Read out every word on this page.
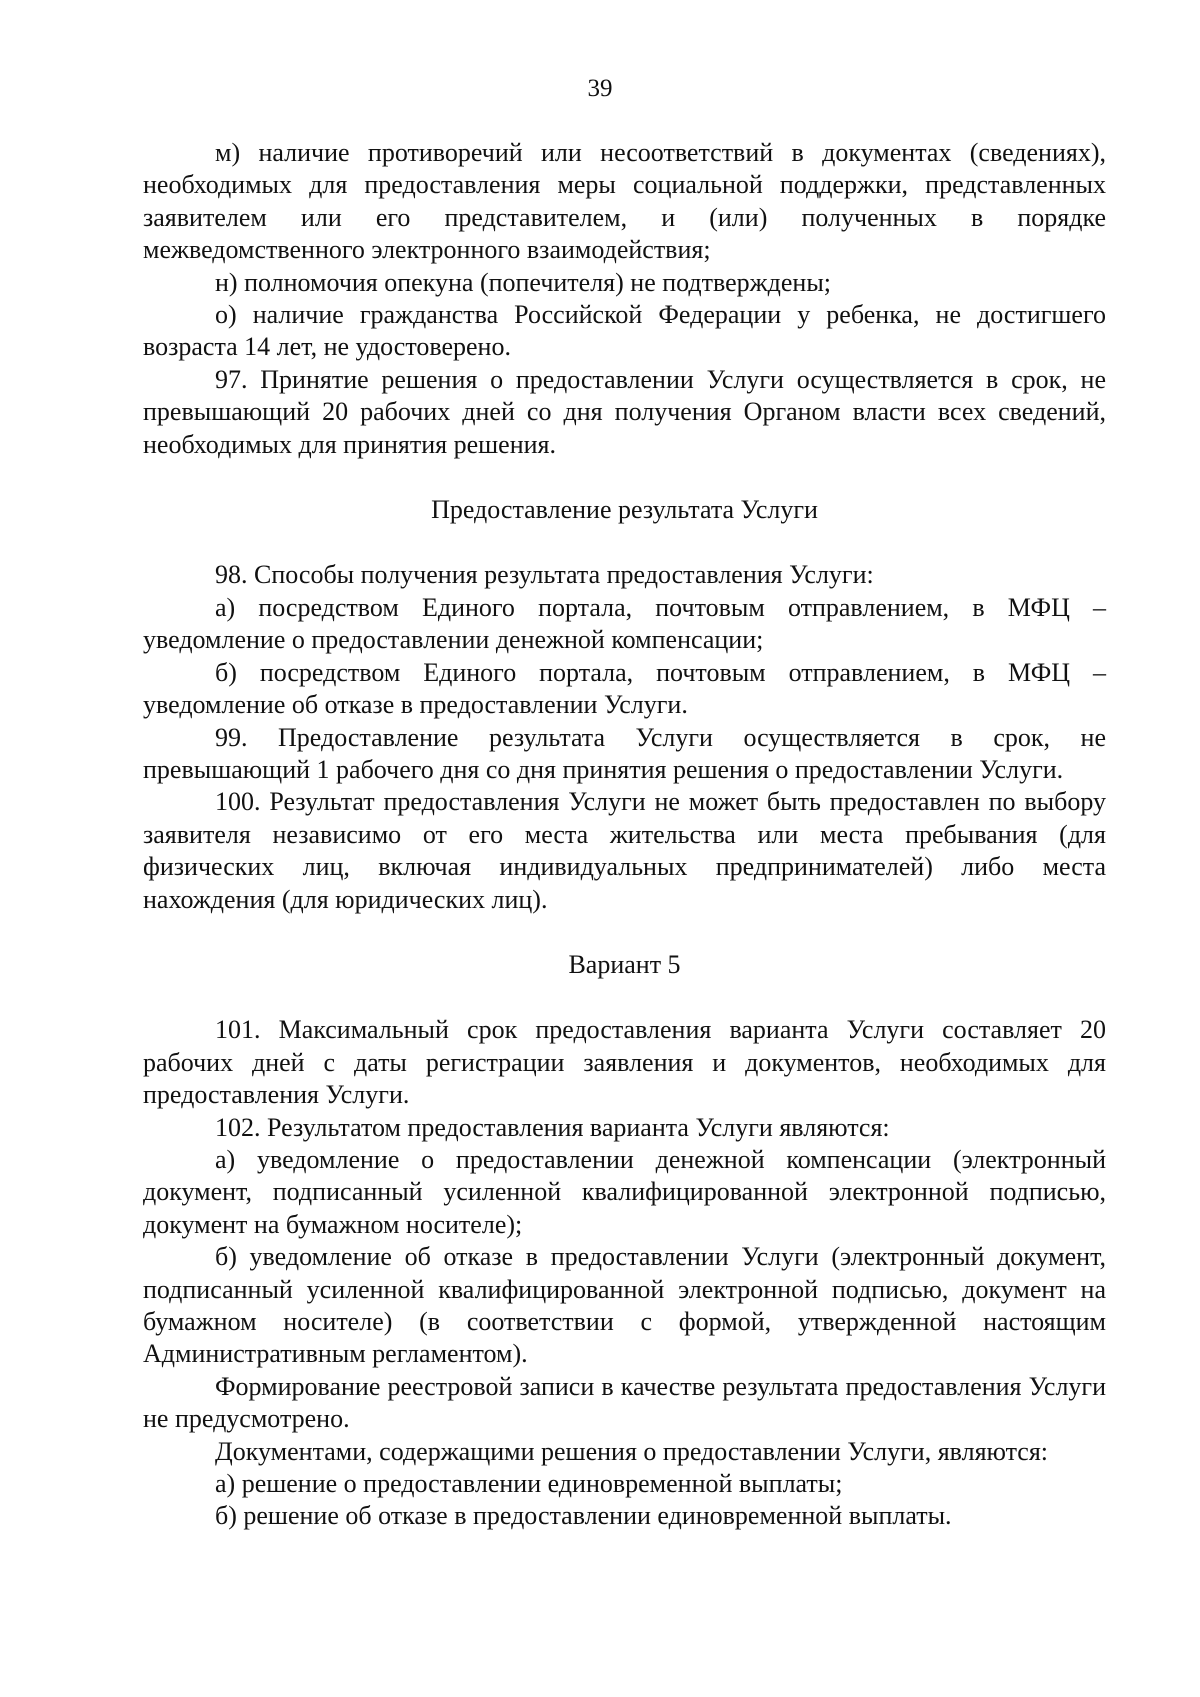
39

м) наличие противоречий или несоответствий в документах (сведениях), необходимых для предоставления меры социальной поддержки, представленных заявителем или его представителем, и (или) полученных в порядке межведомственного электронного взаимодействия;

н) полномочия опекуна (попечителя) не подтверждены;

о) наличие гражданства Российской Федерации у ребенка, не достигшего возраста 14 лет, не удостоверено.

97. Принятие решения о предоставлении Услуги осуществляется в срок, не превышающий 20 рабочих дней со дня получения Органом власти всех сведений, необходимых для принятия решения.

Предоставление результата Услуги

98. Способы получения результата предоставления Услуги:

а) посредством Единого портала, почтовым отправлением, в МФЦ – уведомление о предоставлении денежной компенсации;

б) посредством Единого портала, почтовым отправлением, в МФЦ – уведомление об отказе в предоставлении Услуги.

99. Предоставление результата Услуги осуществляется в срок, не превышающий 1 рабочего дня со дня принятия решения о предоставлении Услуги.

100. Результат предоставления Услуги не может быть предоставлен по выбору заявителя независимо от его места жительства или места пребывания (для физических лиц, включая индивидуальных предпринимателей) либо места нахождения (для юридических лиц).

Вариант 5

101. Максимальный срок предоставления варианта Услуги составляет 20 рабочих дней с даты регистрации заявления и документов, необходимых для предоставления Услуги.

102. Результатом предоставления варианта Услуги являются:

а) уведомление о предоставлении денежной компенсации (электронный документ, подписанный усиленной квалифицированной электронной подписью, документ на бумажном носителе);

б) уведомление об отказе в предоставлении Услуги (электронный документ, подписанный усиленной квалифицированной электронной подписью, документ на бумажном носителе) (в соответствии с формой, утвержденной настоящим Административным регламентом).

Формирование реестровой записи в качестве результата предоставления Услуги не предусмотрено.

Документами, содержащими решения о предоставлении Услуги, являются:

а) решение о предоставлении единовременной выплаты;

б) решение об отказе в предоставлении единовременной выплаты.
